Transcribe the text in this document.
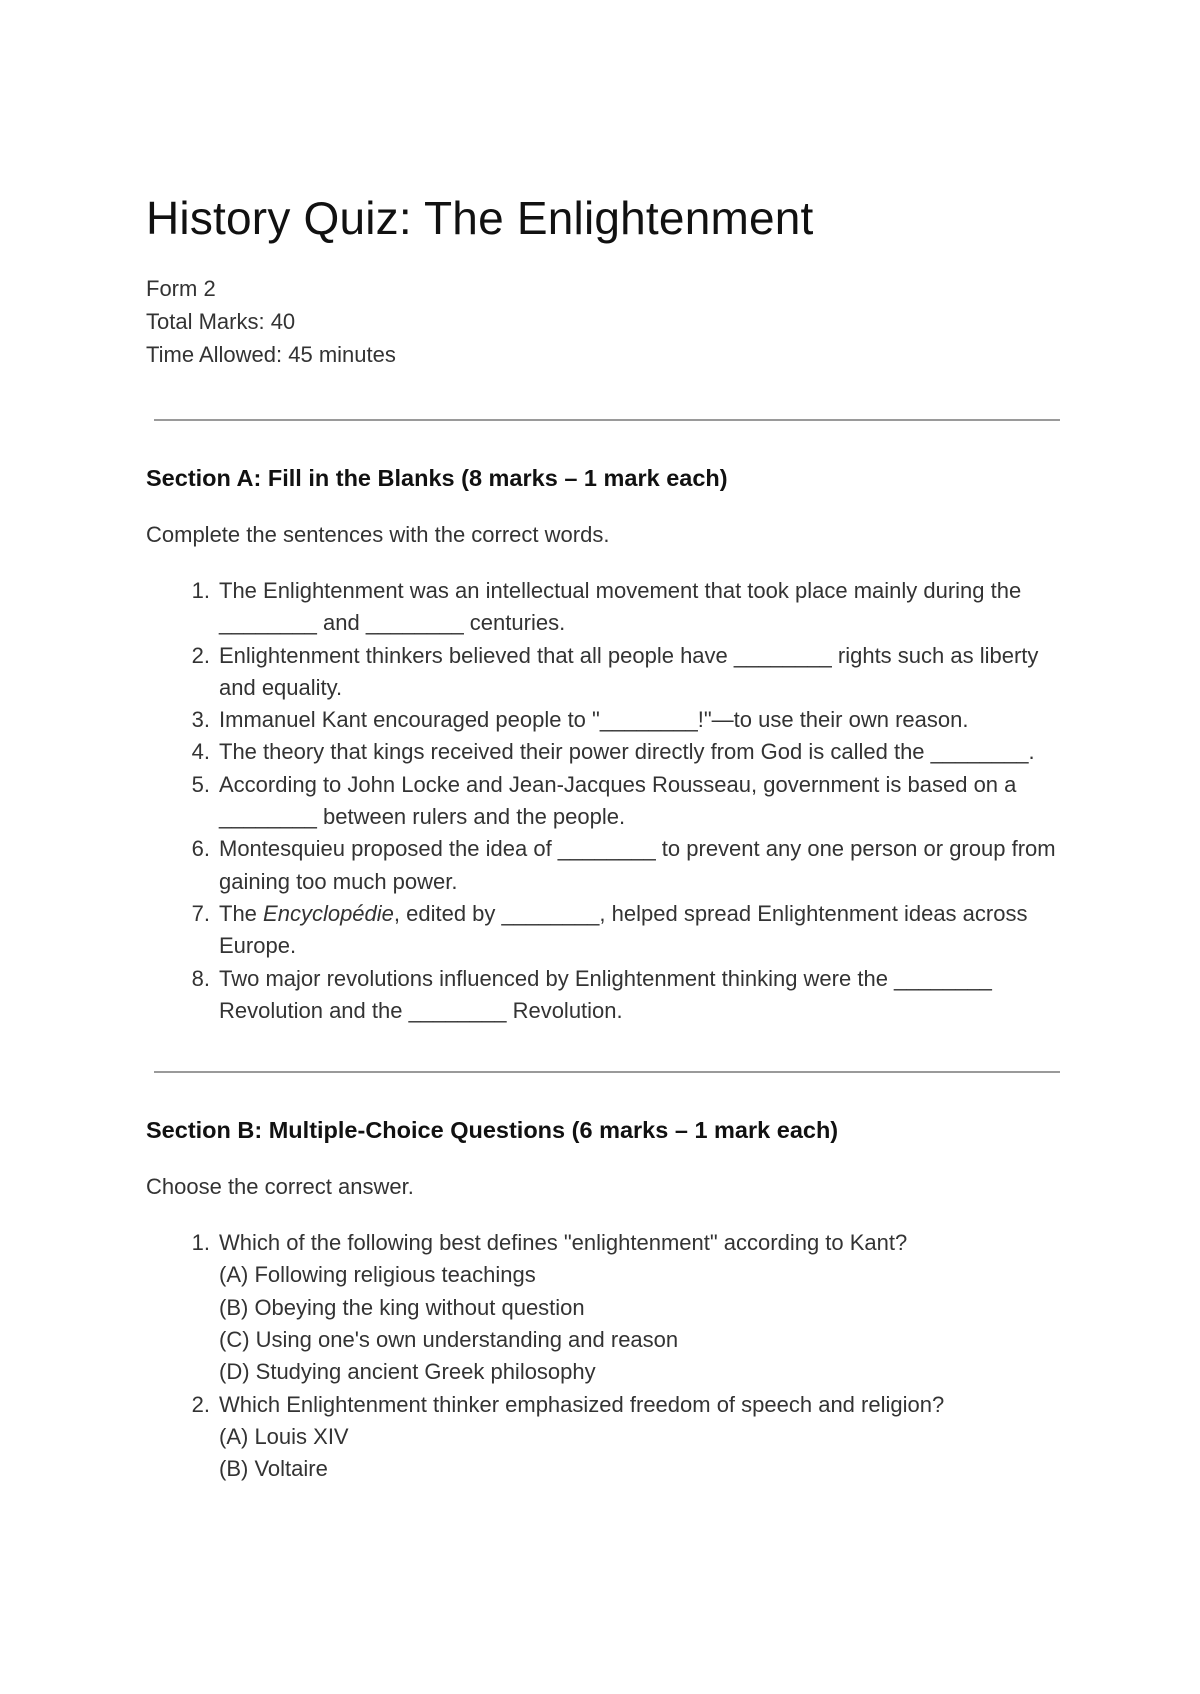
History Quiz: The Enlightenment
Form 2
Total Marks: 40
Time Allowed: 45 minutes
Section A: Fill in the Blanks (8 marks – 1 mark each)
Complete the sentences with the correct words.
1. The Enlightenment was an intellectual movement that took place mainly during the ________ and ________ centuries.
2. Enlightenment thinkers believed that all people have ________ rights such as liberty and equality.
3. Immanuel Kant encouraged people to "________!"—to use their own reason.
4. The theory that kings received their power directly from God is called the ________.
5. According to John Locke and Jean-Jacques Rousseau, government is based on a ________ between rulers and the people.
6. Montesquieu proposed the idea of ________ to prevent any one person or group from gaining too much power.
7. The Encyclopédie, edited by ________, helped spread Enlightenment ideas across Europe.
8. Two major revolutions influenced by Enlightenment thinking were the ________ Revolution and the ________ Revolution.
Section B: Multiple-Choice Questions (6 marks – 1 mark each)
Choose the correct answer.
1. Which of the following best defines "enlightenment" according to Kant?
(A) Following religious teachings
(B) Obeying the king without question
(C) Using one's own understanding and reason
(D) Studying ancient Greek philosophy
2. Which Enlightenment thinker emphasized freedom of speech and religion?
(A) Louis XIV
(B) Voltaire
